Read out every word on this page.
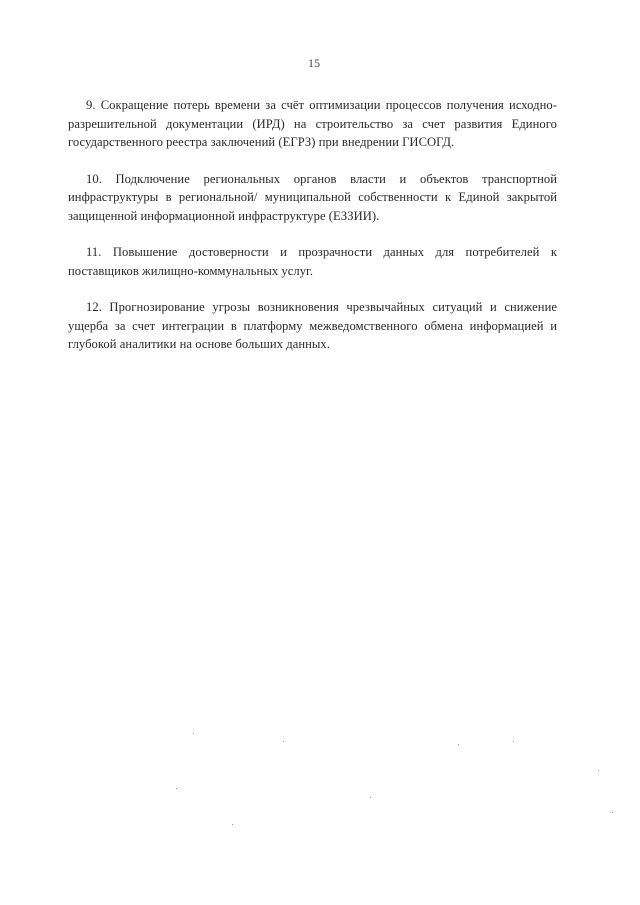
15

9. Сокращение потерь времени за счёт оптимизации процессов получения исходно-разрешительной документации (ИРД) на строительство за счет развития Единого государственного реестра заключений (ЕГРЗ) при внедрении ГИСОГД.

10. Подключение региональных органов власти и объектов транспортной инфраструктуры в региональной/ муниципальной собственности к Единой закрытой защищенной информационной инфраструктуре (ЕЗЗИИ).

11. Повышение достоверности и прозрачности данных для потребителей к поставщиков жилищно-коммунальных услуг.

12. Прогнозирование угрозы возникновения чрезвычайных ситуаций и снижение ущерба за счет интеграции в платформу межведомственного обмена информацией и глубокой аналитики на основе больших данных.
